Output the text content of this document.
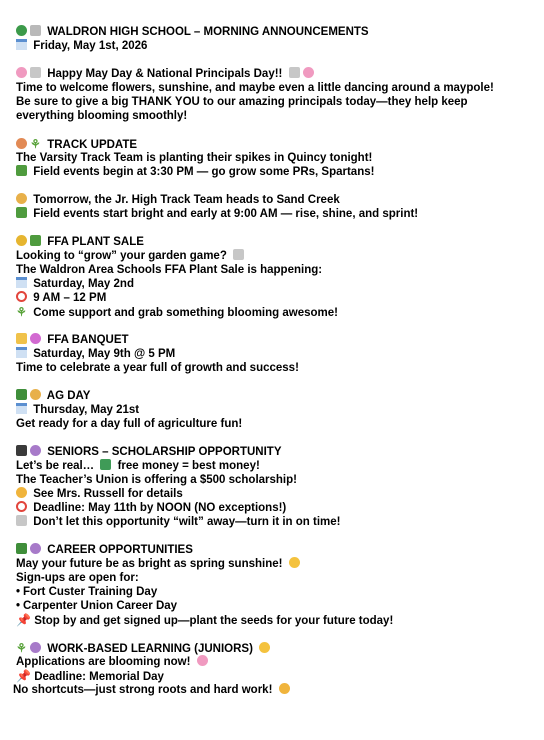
WALDRON HIGH SCHOOL – MORNING ANNOUNCEMENTS
Friday, May 1st, 2026
Happy May Day & National Principals Day!!
Time to welcome flowers, sunshine, and maybe even a little dancing around a maypole!   Be sure to give a big THANK YOU to our amazing principals today—they help keep everything blooming smoothly!
⚘ TRACK UPDATE
The Varsity Track Team is planting their spikes in Quincy tonight!
Field events begin at 3:30 PM — go grow some PRs, Spartans!
Tomorrow, the Jr. High Track Team heads to Sand Creek
Field events start bright and early at 9:00 AM — rise, shine, and sprint!
FFA PLANT SALE
Looking to “grow” your garden game?
The Waldron Area Schools FFA Plant Sale is happening:
Saturday, May 2nd
9 AM – 12 PM
⚘ Come support and grab something blooming awesome!
FFA BANQUET
Saturday, May 9th @ 5 PM
Time to celebrate a year full of growth and success!
AG DAY
Thursday, May 21st
Get ready for a day full of agriculture fun!
SENIORS – SCHOLARSHIP OPPORTUNITY
Let’s be real… free money = best money!
The Teacher’s Union is offering a $500 scholarship!
See Mrs. Russell for details
Deadline: May 11th by NOON (NO exceptions!)
Don’t let this opportunity “wilt” away—turn it in on time!
CAREER OPPORTUNITIES
May your future be as bright as spring sunshine!
Sign-ups are open for:
• Fort Custer Training Day
• Carpenter Union Career Day
📌 Stop by and get signed up—plant the seeds for your future today!
⚘ WORK-BASED LEARNING (JUNIORS)
Applications are blooming now!
📌 Deadline: Memorial Day
No shortcuts—just strong roots and hard work!
